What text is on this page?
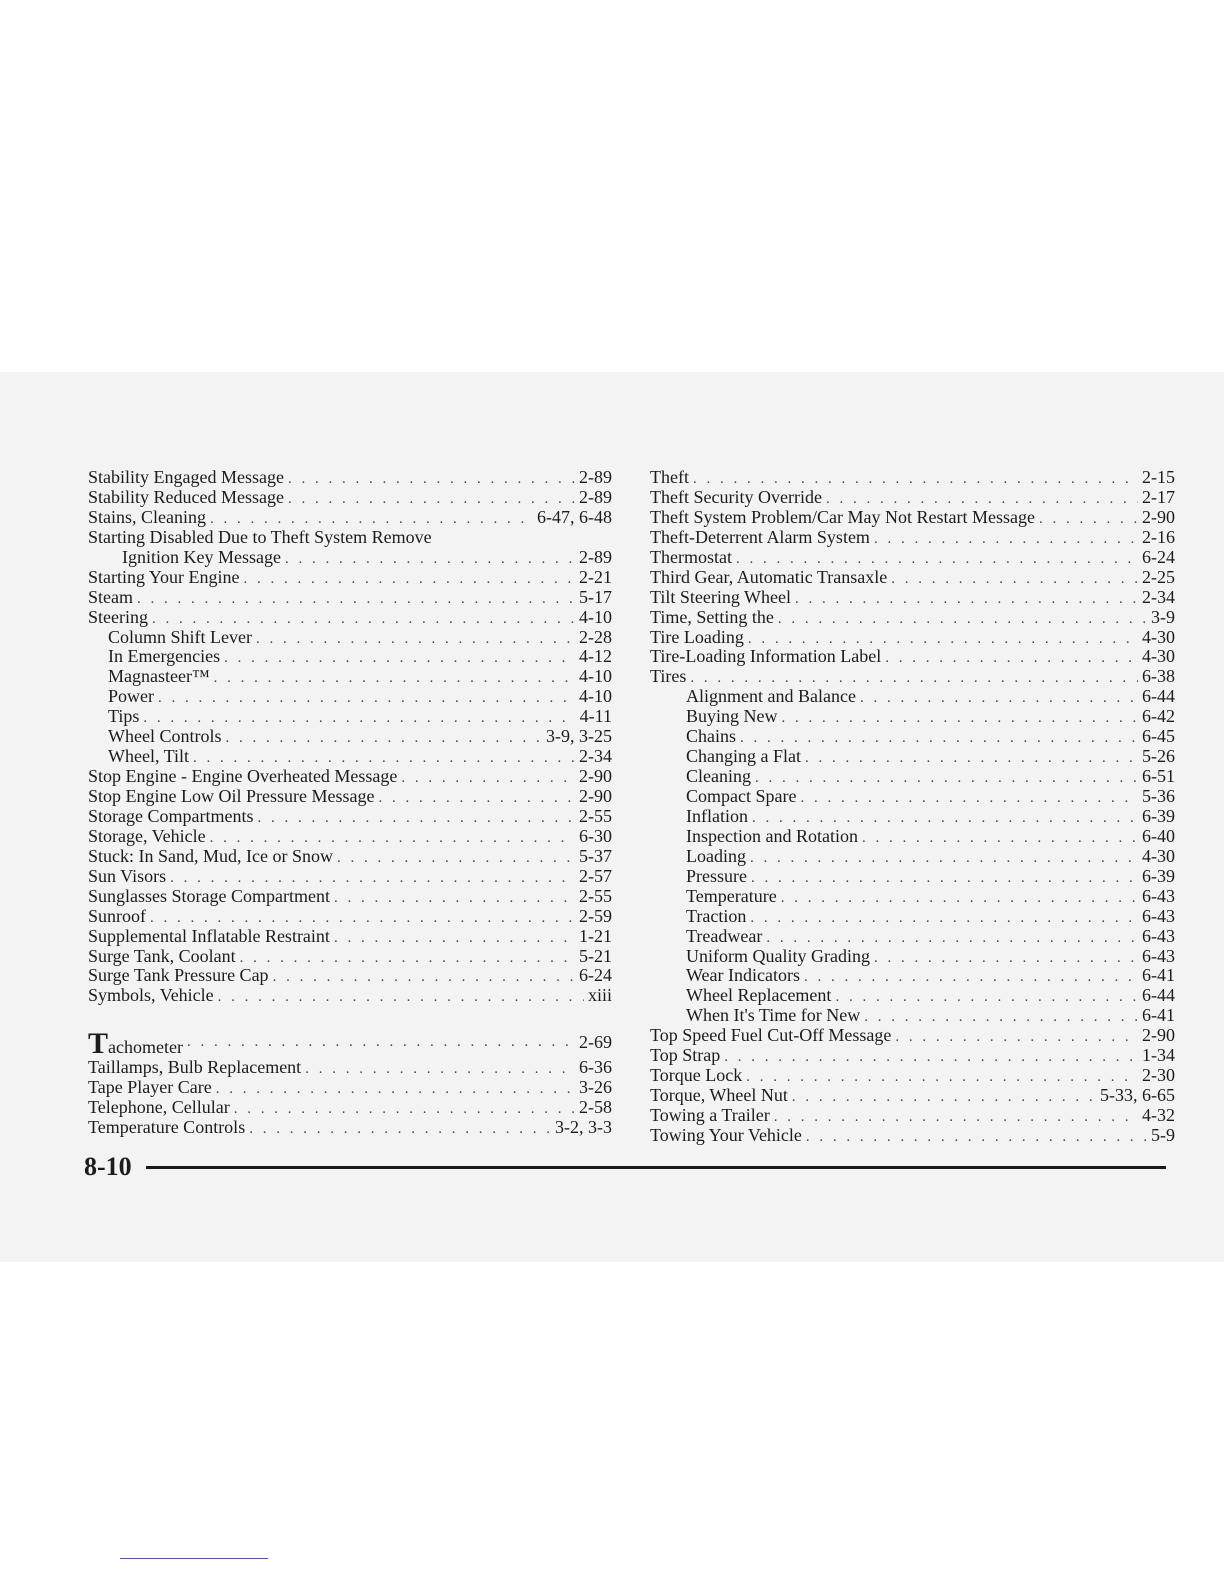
Stability Engaged Message . . .	2-89
Stability Reduced Message . . .	2-89
Stains, Cleaning . . .	6-47, 6-48
Starting Disabled Due to Theft System Remove
Ignition Key Message . . .	2-89
Starting Your Engine . . .	2-21
Steam . . .	5-17
Steering . . .	4-10
Column Shift Lever . . .	2-28
In Emergencies . . .	4-12
Magnasteer™ . . .	4-10
Power . . .	4-10
Tips . . .	4-11
Wheel Controls . . .	3-9, 3-25
Wheel, Tilt . . .	2-34
Stop Engine - Engine Overheated Message . . .	2-90
Stop Engine Low Oil Pressure Message . . .	2-90
Storage Compartments . . .	2-55
Storage, Vehicle . . .	6-30
Stuck: In Sand, Mud, Ice or Snow . . .	5-37
Sun Visors . . .	2-57
Sunglasses Storage Compartment . . .	2-55
Sunroof . . .	2-59
Supplemental Inflatable Restraint . . .	1-21
Surge Tank, Coolant . . .	5-21
Surge Tank Pressure Cap . . .	6-24
Symbols, Vehicle . . .	xiii
Tachometer . . .	2-69
Taillamps, Bulb Replacement . . .	6-36
Tape Player Care . . .	3-26
Telephone, Cellular . . .	2-58
Temperature Controls . . .	3-2, 3-3
Theft . . .	2-15
Theft Security Override . . .	2-17
Theft System Problem/Car May Not Restart Message . . .	2-90
Theft-Deterrent Alarm System . . .	2-16
Thermostat . . .	6-24
Third Gear, Automatic Transaxle . . .	2-25
Tilt Steering Wheel . . .	2-34
Time, Setting the . . .	3-9
Tire Loading . . .	4-30
Tire-Loading Information Label . . .	4-30
Tires . . .	6-38
Alignment and Balance . . .	6-44
Buying New . . .	6-42
Chains . . .	6-45
Changing a Flat . . .	5-26
Cleaning . . .	6-51
Compact Spare . . .	5-36
Inflation . . .	6-39
Inspection and Rotation . . .	6-40
Loading . . .	4-30
Pressure . . .	6-39
Temperature . . .	6-43
Traction . . .	6-43
Treadwear . . .	6-43
Uniform Quality Grading . . .	6-43
Wear Indicators . . .	6-41
Wheel Replacement . . .	6-44
When It's Time for New . . .	6-41
Top Speed Fuel Cut-Off Message . . .	2-90
Top Strap . . .	1-34
Torque Lock . . .	2-30
Torque, Wheel Nut . . .	5-33, 6-65
Towing a Trailer . . .	4-32
Towing Your Vehicle . . .	5-9
8-10
